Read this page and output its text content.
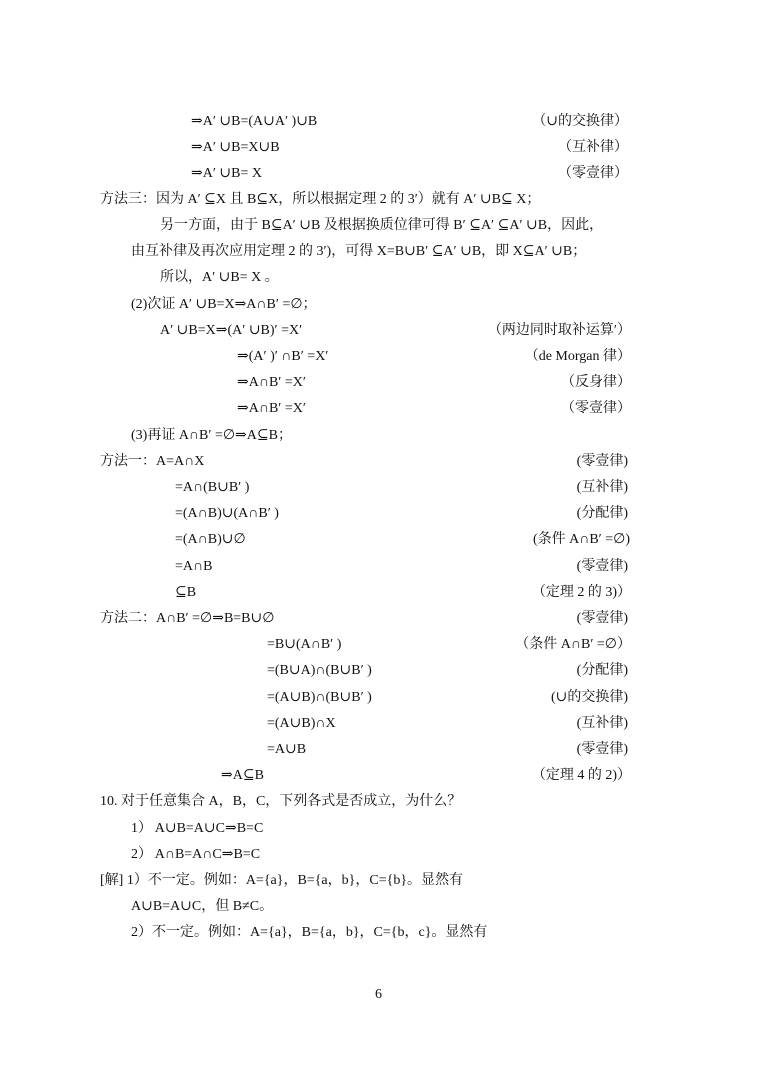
⇒A′ ∪B=(A∪A′ )∪B	（∪的交换律）
⇒A′ ∪B=X∪B	（互补律）
⇒A′ ∪B= X	（零壹律）
方法三：因为 A′ ⊆X 且 B⊆X，所以根据定理 2 的 3′）就有 A′ ∪B⊆ X；
另一方面，由于 B⊆A′ ∪B 及根据换质位律可得 B′ ⊆A′ ⊆A′ ∪B，因此，
由互补律及再次应用定理 2 的 3′)，可得 X=B∪B′ ⊆A′ ∪B，即 X⊆A′ ∪B；
所以，A′ ∪B= X 。
(2)次证 A′ ∪B=X⇒A∩B′ =∅；
A′ ∪B=X⇒(A′ ∪B)′ =X′	（两边同时取补运算′）
⇒(A′ )′ ∩B′ =X′	（de Morgan 律）
⇒A∩B′ =X′	（反身律）
⇒A∩B′ =X′	（零壹律）
(3)再证 A∩B′ =∅⇒A⊆B；
方法一：A=A∩X	(零壹律)
=A∩(B∪B′ )	(互补律)
=(A∩B)∪(A∩B′ )	(分配律)
=(A∩B)∪∅	(条件 A∩B′ =∅)
=A∩B	(零壹律)
⊆B	（定理 2 的 3)）
方法二：A∩B′ =∅⇒B=B∪∅	(零壹律)
=B∪(A∩B′ )	（条件 A∩B′ =∅）
=(B∪A)∩(B∪B′ )	(分配律)
=(A∪B)∩(B∪B′ )	(∪的交换律)
=(A∪B)∩X	(互补律)
=A∪B	(零壹律)
⇒A⊆B	（定理 4 的 2)）
10. 对于任意集合 A，B，C，下列各式是否成立，为什么？
1） A∪B=A∪C⇒B=C
2） A∩B=A∩C⇒B=C
[解] 1）不一定。例如：A={a}，B={a，b}，C={b}。显然有
A∪B=A∪C，但 B≠C。
2）不一定。例如：A={a}，B={a，b}，C={b，c}。显然有
6
